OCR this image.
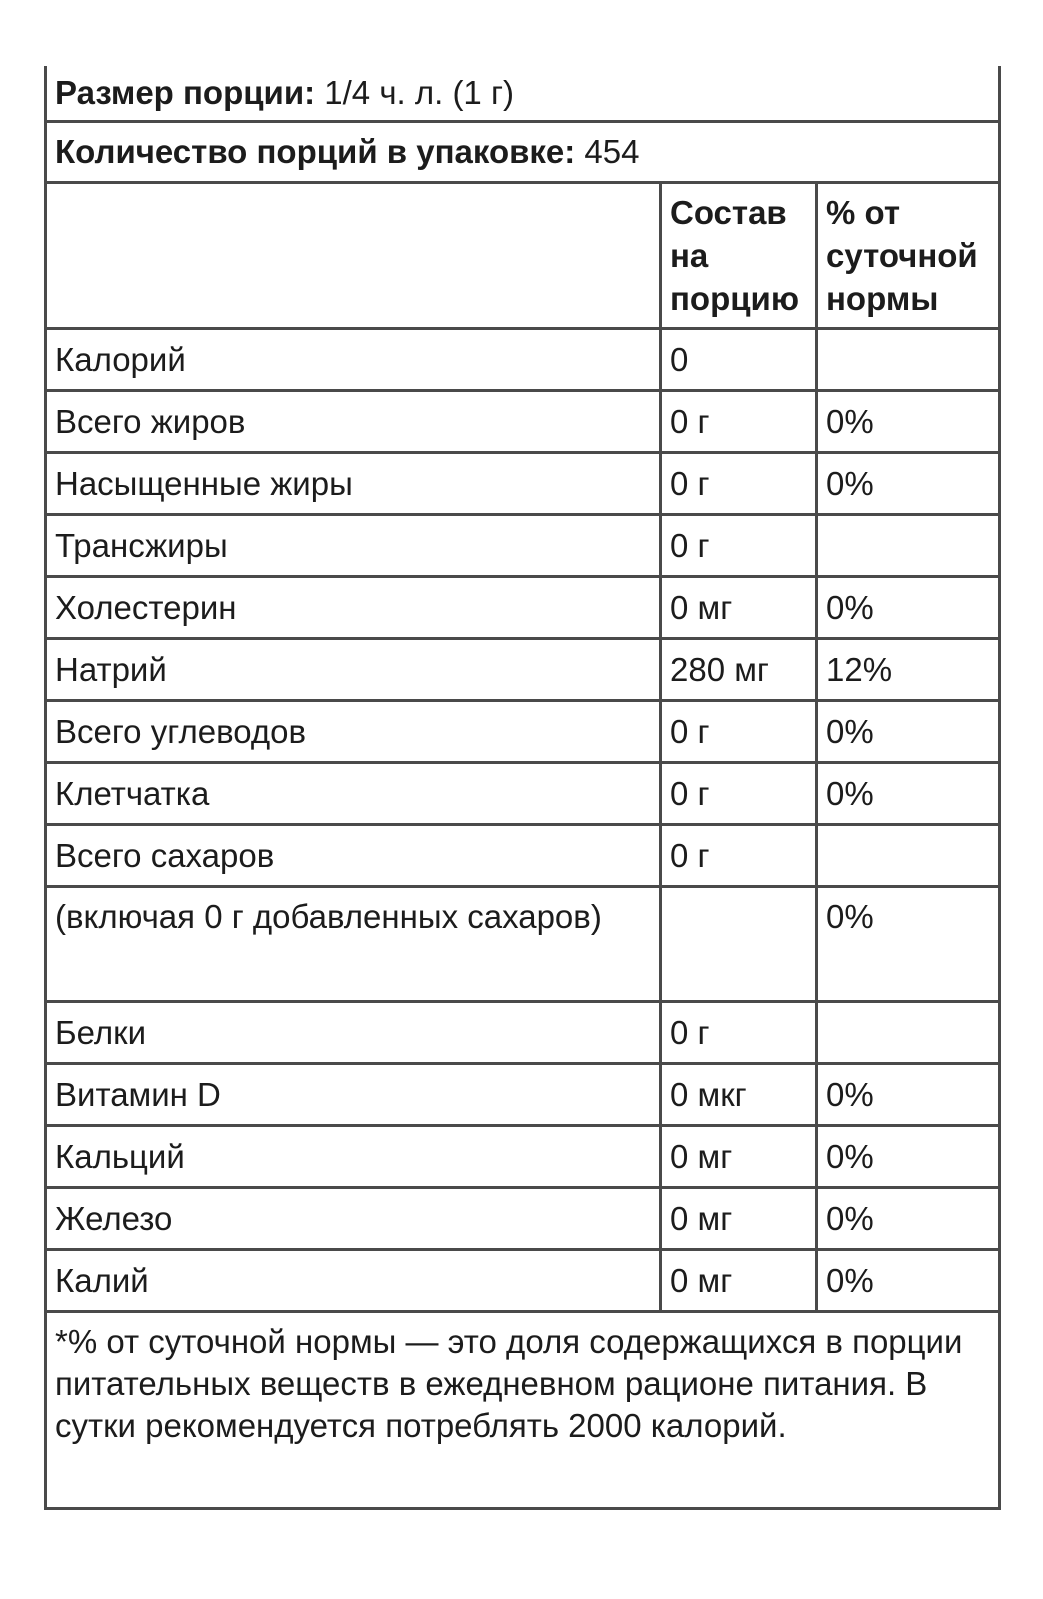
Размер порции: 1/4 ч. л. (1 г)		
Количество порций в упаковке: 454		
	Состав на порцию	% от суточной нормы
Калорий	0	
Всего жиров	0 г	0%
Насыщенные жиры	0 г	0%
Трансжиры	0 г	
Холестерин	0 мг	0%
Натрий	280 мг	12%
Всего углеводов	0 г	0%
Клетчатка	0 г	0%
Всего сахаров	0 г	
(включая 0 г добавленных сахаров)		0%
Белки	0 г	
Витамин D	0 мкг	0%
Кальций	0 мг	0%
Железо	0 мг	0%
Калий	0 мг	0%
*% от суточной нормы — это доля содержащихся в порции питательных веществ в ежедневном рационе питания. В сутки рекомендуется потреблять 2000 калорий.		
